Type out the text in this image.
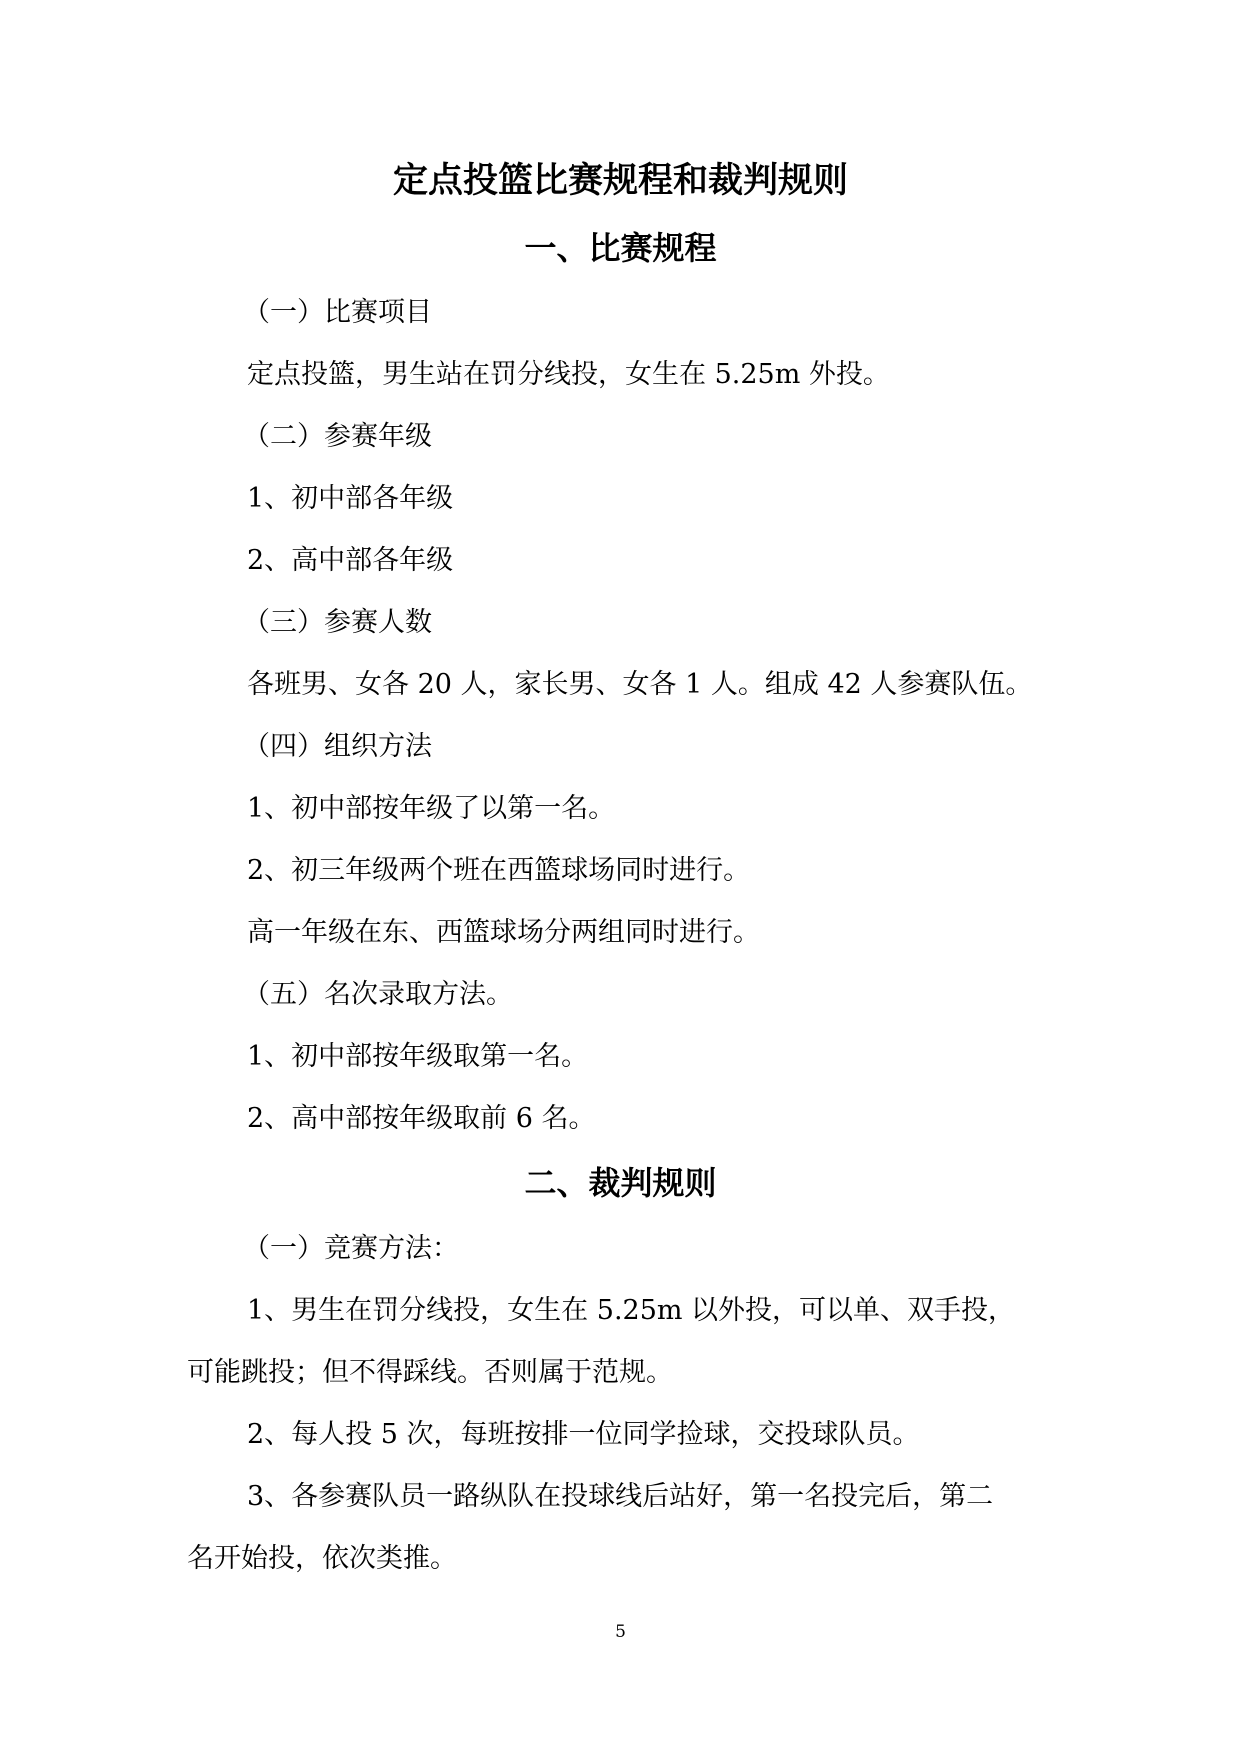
定点投篮比赛规程和裁判规则
一、比赛规程

（一）比赛项目

定点投篮，男生站在罚分线投，女生在 5.25m 外投。

（二）参赛年级

1、初中部各年级

2、高中部各年级

（三）参赛人数

各班男、女各 20 人，家长男、女各 1 人。组成 42 人参赛队伍。

（四）组织方法

1、初中部按年级了以第一名。

2、初三年级两个班在西篮球场同时进行。

高一年级在东、西篮球场分两组同时进行。

（五）名次录取方法。

1、初中部按年级取第一名。

2、高中部按年级取前 6 名。

二、裁判规则

（一）竞赛方法：

1、男生在罚分线投，女生在 5.25m 以外投，可以单、双手投，

可能跳投；但不得踩线。否则属于范规。

2、每人投 5 次，每班按排一位同学捡球，交投球队员。

3、各参赛队员一路纵队在投球线后站好，第一名投完后，第二

名开始投，依次类推。

5
